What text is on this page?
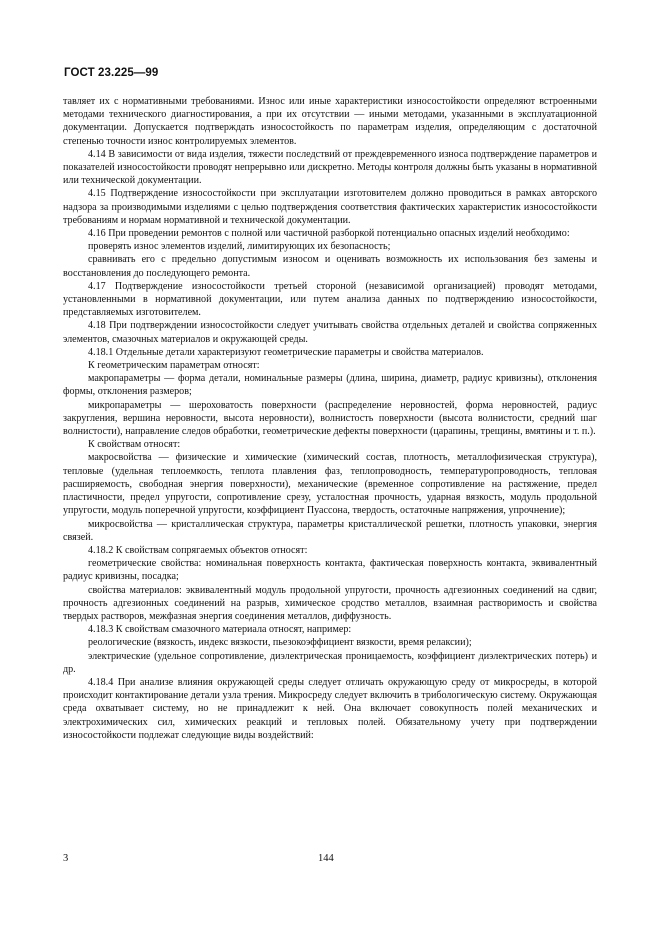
ГОСТ 23.225—99

тавляет их с нормативными требованиями. Износ или иные характеристики износостойкости определяют встроенными методами технического диагностирования, а при их отсутствии — иными методами, указанными в эксплуатационной документации. Допускается подтверждать износостойкость по параметрам изделия, определяющим с достаточной степенью точности износ контролируемых элементов.

4.14 В зависимости от вида изделия, тяжести последствий от преждевременного износа подтверждение параметров и показателей износостойкости проводят непрерывно или дискретно. Методы контроля должны быть указаны в нормативной или технической документации.

4.15 Подтверждение износостойкости при эксплуатации изготовителем должно проводиться в рамках авторского надзора за производимыми изделиями с целью подтверждения соответствия фактических характеристик износостойкости требованиям и нормам нормативной и технической документации.

4.16 При проведении ремонтов с полной или частичной разборкой потенциально опасных изделий необходимо:

проверять износ элементов изделий, лимитирующих их безопасность;

сравнивать его с предельно допустимым износом и оценивать возможность их использования без замены и восстановления до последующего ремонта.

4.17 Подтверждение износостойкости третьей стороной (независимой организацией) проводят методами, установленными в нормативной документации, или путем анализа данных по подтверждению износостойкости, представляемых изготовителем.

4.18 При подтверждении износостойкости следует учитывать свойства отдельных деталей и свойства сопряженных элементов, смазочных материалов и окружающей среды.

4.18.1 Отдельные детали характеризуют геометрические параметры и свойства материалов.

К геометрическим параметрам относят:

макропараметры — форма детали, номинальные размеры (длина, ширина, диаметр, радиус кривизны), отклонения формы, отклонения размеров;

микропараметры — шероховатость поверхности (распределение неровностей, форма неровностей, радиус закругления, вершина неровности, высота неровности), волнистость поверхности (высота волнистости, средний шаг волнистости), направление следов обработки, геометрические дефекты поверхности (царапины, трещины, вмятины и т. п.).

К свойствам относят:

макросвойства — физические и химические (химический состав, плотность, металлофизическая структура), тепловые (удельная теплоемкость, теплота плавления фаз, теплопроводность, температуропроводность, тепловая расширяемость, свободная энергия поверхности), механические (временное сопротивление на растяжение, предел пластичности, предел упругости, сопротивление срезу, усталостная прочность, ударная вязкость, модуль продольной упругости, модуль поперечной упругости, коэффициент Пуассона, твердость, остаточные напряжения, упрочнение);

микросвойства — кристаллическая структура, параметры кристаллической решетки, плотность упаковки, энергия связей.

4.18.2 К свойствам сопрягаемых объектов относят:

геометрические свойства: номинальная поверхность контакта, фактическая поверхность контакта, эквивалентный радиус кривизны, посадка;

свойства материалов: эквивалентный модуль продольной упругости, прочность адгезионных соединений на сдвиг, прочность адгезионных соединений на разрыв, химическое сродство металлов, взаимная растворимость и свойства твердых растворов, межфазная энергия соединения металлов, диффузность.

4.18.3 К свойствам смазочного материала относят, например:

реологические (вязкость, индекс вязкости, пьезокоэффициент вязкости, время релаксии);

электрические (удельное сопротивление, диэлектрическая проницаемость, коэффициент диэлектрических потерь) и др.

4.18.4 При анализе влияния окружающей среды следует отличать окружающую среду от микросреды, в которой происходит контактирование детали узла трения. Микросреду следует включить в трибологическую систему. Окружающая среда охватывает систему, но не принадлежит к ней. Она включает совокупность полей механических и электрохимических сил, химических реакций и тепловых полей. Обязательному учету при подтверждении износостойкости подлежат следующие виды воздействий:

3	144
